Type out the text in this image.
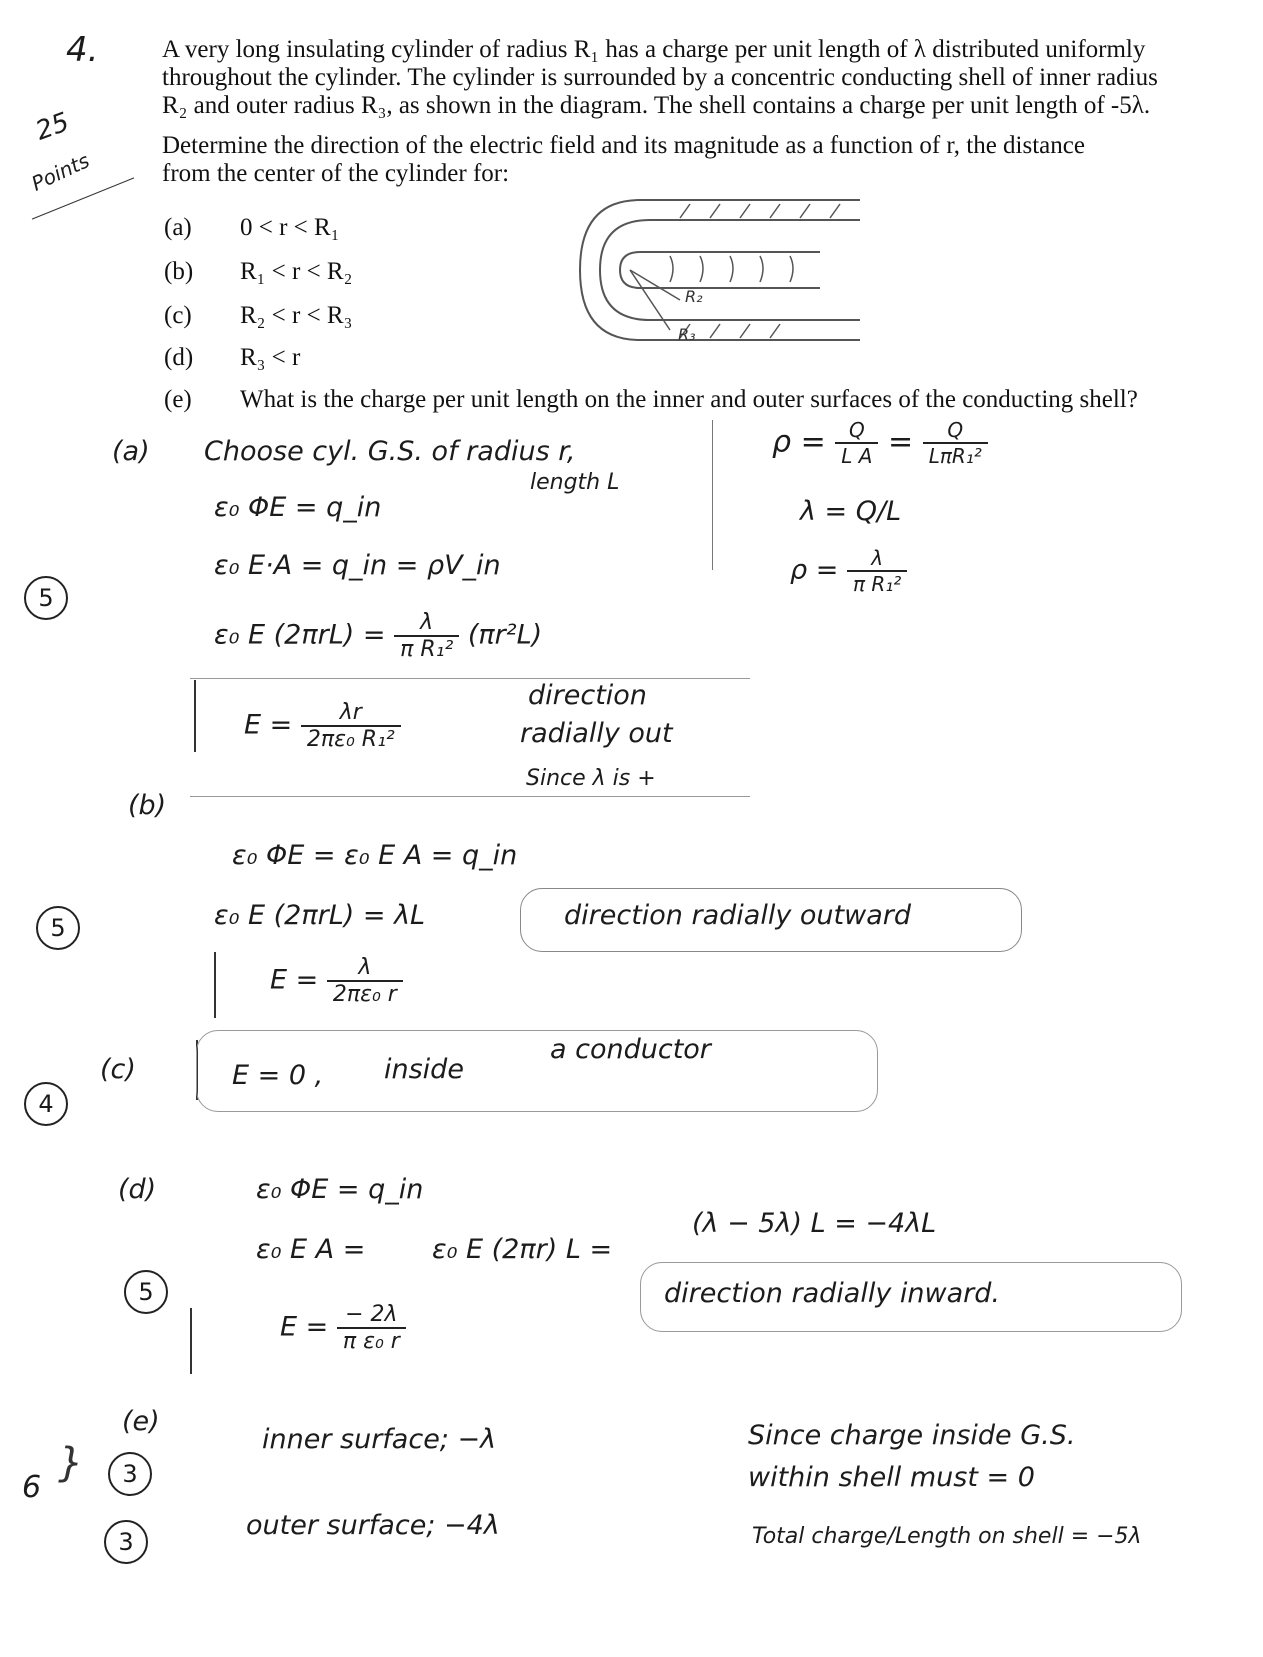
4.
25
Points
A very long insulating cylinder of radius R₁ has a charge per unit length of λ distributed uniformly
throughout the cylinder. The cylinder is surrounded by a concentric conducting shell of inner radius
R₂ and outer radius R₃, as shown in the diagram. The shell contains a charge per unit length of -5λ.
Determine the direction of the electric field and its magnitude as a function of r, the distance
from the center of the cylinder for:
(a) 0 < r < R₁
(b) R₁ < r < R₂
(c) R₂ < r < R₃
(d) R₃ < r
(e) What is the charge per unit length on the inner and outer surfaces of the conducting shell?
R₂
R₃
(a) Choose cyl. G.S. of radius r,
length L
ε₀ ΦE = q_in
ε₀ E·A = q_in = ρV_in
ε₀ E $(2\pi rL) = \frac{\lambda}{\text{π R₁²}} (\pi r^2L)$
5
$E = \frac{\lambda r}{\text{2πε₀ R₁²}}$
direction
radially out
Since λ is +
$\rho = \frac{Q}{\text{L A}} = \frac{Q}{\text{LπR₁²}}$
λ = Q/L
$\rho = \frac{\lambda}{\text{π R₁²}}$
(b)
ε₀ ΦE = ε₀ E A = q_in
ε₀ E (2πrL) = λL
$E = \frac{\lambda}{\text{2πε₀ r}}$
direction radially outward
5
(c)	E = 0 , inside
a conductor
4
(d)	ε₀ ΦE = q_in
ε₀ E A = ε₀ E (2πr) L =
(λ − 5λ) L = −4λL
$E = \frac{- 2\lambda}{\text{π ε₀ r}}$
direction radially inward.
5
(e)
inner surface; −λ
outer surface; −4λ
Since charge inside G.S.
within shell must = 0
Total charge/Length on shell = −5λ
6
}	3
3
